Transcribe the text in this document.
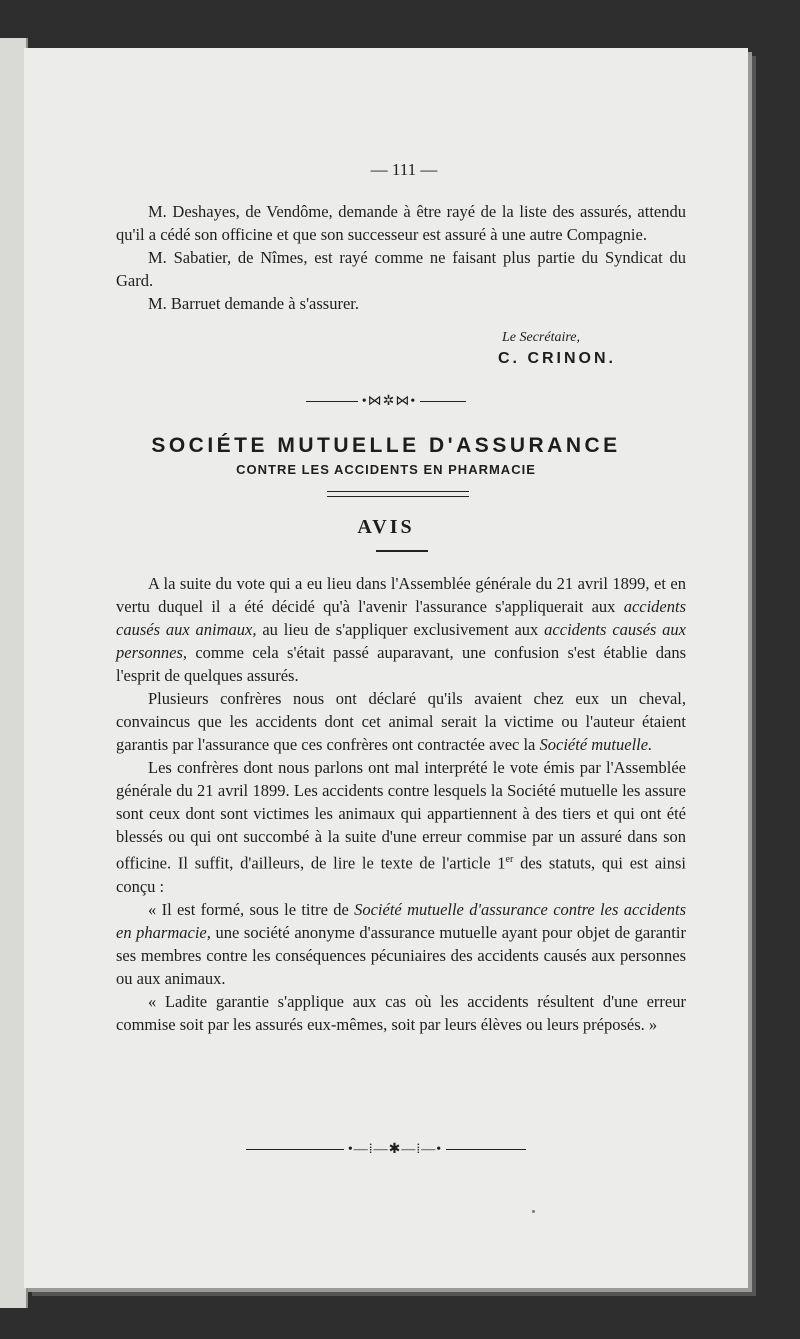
— 111 —

M. Deshayes, de Vendôme, demande à être rayé de la liste des assurés, attendu qu'il a cédé son officine et que son successeur est assuré à une autre Compagnie.

M. Sabatier, de Nîmes, est rayé comme ne faisant plus partie du Syndicat du Gard.

M. Barruet demande à s'assurer.

Le Secrétaire,
C. CRINON.
•⋈✲⋈•
SOCIÉTE MUTUELLE D'ASSURANCE
CONTRE LES ACCIDENTS EN PHARMACIE
AVIS

A la suite du vote qui a eu lieu dans l'Assemblée générale du 21 avril 1899, et en vertu duquel il a été décidé qu'à l'avenir l'assurance s'appliquerait aux accidents causés aux animaux, au lieu de s'appliquer exclusivement aux accidents causés aux personnes, comme cela s'était passé auparavant, une confusion s'est établie dans l'esprit de quelques assurés.

Plusieurs confrères nous ont déclaré qu'ils avaient chez eux un cheval, convaincus que les accidents dont cet animal serait la victime ou l'auteur étaient garantis par l'assurance que ces confrères ont contractée avec la Société mutuelle.

Les confrères dont nous parlons ont mal interprété le vote émis par l'Assemblée générale du 21 avril 1899. Les accidents contre lesquels la Société mutuelle les assure sont ceux dont sont victimes les animaux qui appartiennent à des tiers et qui ont été blessés ou qui ont succombé à la suite d'une erreur commise par un assuré dans son officine. Il suffit, d'ailleurs, de lire le texte de l'article 1er des statuts, qui est ainsi conçu :

« Il est formé, sous le titre de Société mutuelle d'assurance contre les accidents en pharmacie, une société anonyme d'assurance mutuelle ayant pour objet de garantir ses membres contre les conséquences pécuniaires des accidents causés aux personnes ou aux animaux.

« Ladite garantie s'applique aux cas où les accidents résultent d'une erreur commise soit par les assurés eux-mêmes, soit par leurs élèves ou leurs préposés. »

•—⁞—✱—⁞—•
